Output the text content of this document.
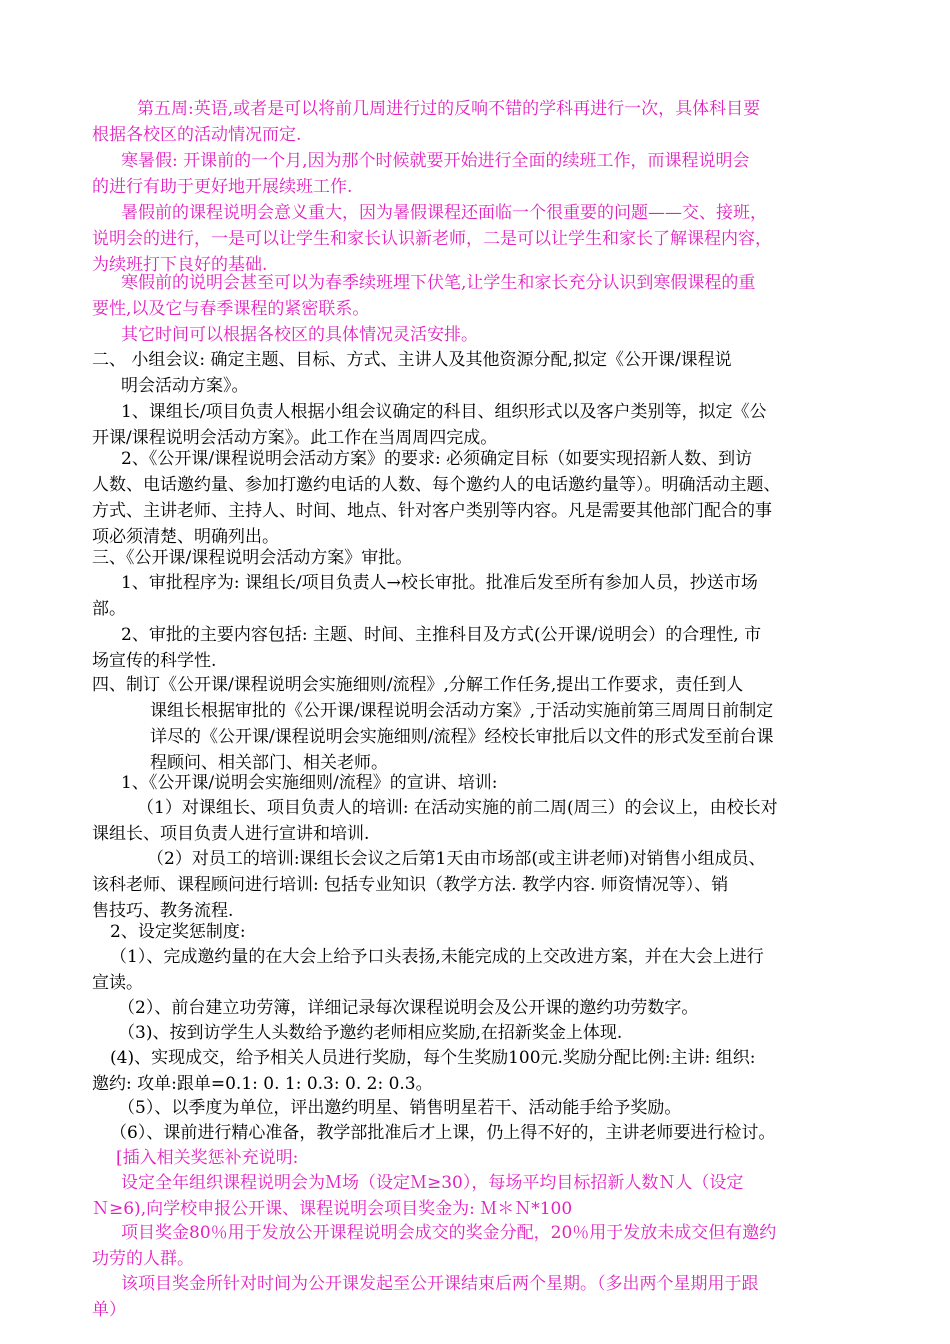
第五周:英语,或者是可以将前几周进行过的反响不错的学科再进行一次，具体科目要
根据各校区的活动情况而定.
寒暑假: 开课前的一个月,因为那个时候就要开始进行全面的续班工作，而课程说明会
的进行有助于更好地开展续班工作.
暑假前的课程说明会意义重大，因为暑假课程还面临一个很重要的问题——交、接班，
说明会的进行，一是可以让学生和家长认识新老师，二是可以让学生和家长了解课程内容，
为续班打下良好的基础.
寒假前的说明会甚至可以为春季续班埋下伏笔,让学生和家长充分认识到寒假课程的重
要性,以及它与春季课程的紧密联系。
其它时间可以根据各校区的具体情况灵活安排。
二、 小组会议: 确定主题、目标、方式、主讲人及其他资源分配,拟定《公开课/课程说
明会活动方案》。
1、课组长/项目负责人根据小组会议确定的科目、组织形式以及客户类别等，拟定《公
开课/课程说明会活动方案》。此工作在当周周四完成。
2、《公开课/课程说明会活动方案》的要求: 必须确定目标（如要实现招新人数、到访
人数、电话邀约量、参加打邀约电话的人数、每个邀约人的电话邀约量等）。明确活动主题、
方式、主讲老师、主持人、时间、地点、针对客户类别等内容。凡是需要其他部门配合的事
项必须清楚、明确列出。
三、《公开课/课程说明会活动方案》审批。
1、审批程序为: 课组长/项目负责人→校长审批。批准后发至所有参加人员，抄送市场
部。
2、审批的主要内容包括: 主题、时间、主推科目及方式(公开课/说明会）的合理性, 市
场宣传的科学性.
四、制订《公开课/课程说明会实施细则/流程》,分解工作任务,提出工作要求，责任到人
课组长根据审批的《公开课/课程说明会活动方案》,于活动实施前第三周周日前制定
详尽的《公开课/课程说明会实施细则/流程》经校长审批后以文件的形式发至前台课
程顾问、相关部门、相关老师。
1、《公开课/说明会实施细则/流程》的宣讲、培训:
（1）对课组长、项目负责人的培训: 在活动实施的前二周(周三）的会议上，由校长对
课组长、项目负责人进行宣讲和培训.
（2）对员工的培训:课组长会议之后第1天由市场部(或主讲老师)对销售小组成员、
该科老师、课程顾问进行培训: 包括专业知识（教学方法. 教学内容. 师资情况等）、销
售技巧、教务流程.
2、设定奖惩制度:
（1）、完成邀约量的在大会上给予口头表扬,未能完成的上交改进方案，并在大会上进行
宣读。
（2）、前台建立功劳簿，详细记录每次课程说明会及公开课的邀约功劳数字。
（3)、按到访学生人头数给予邀约老师相应奖励,在招新奖金上体现.
(4)、实现成交，给予相关人员进行奖励，每个生奖励100元.奖励分配比例:主讲: 组织:
邀约: 攻单:跟单=0.1: 0. 1: 0.3: 0. 2: 0.3。
（5）、以季度为单位，评出邀约明星、销售明星若干、活动能手给予奖励。
（6）、课前进行精心准备，教学部批准后才上课，仍上得不好的，主讲老师要进行检讨。
[插入相关奖惩补充说明:
设定全年组织课程说明会为Ｍ场（设定Ｍ≥30），每场平均目标招新人数Ｎ人（设定
Ｎ≥6),向学校申报公开课、课程说明会项目奖金为: Ｍ＊Ｎ*100
项目奖金80％用于发放公开课程说明会成交的奖金分配，20％用于发放未成交但有邀约
功劳的人群。
该项目奖金所针对时间为公开课发起至公开课结束后两个星期。（多出两个星期用于跟
单）
